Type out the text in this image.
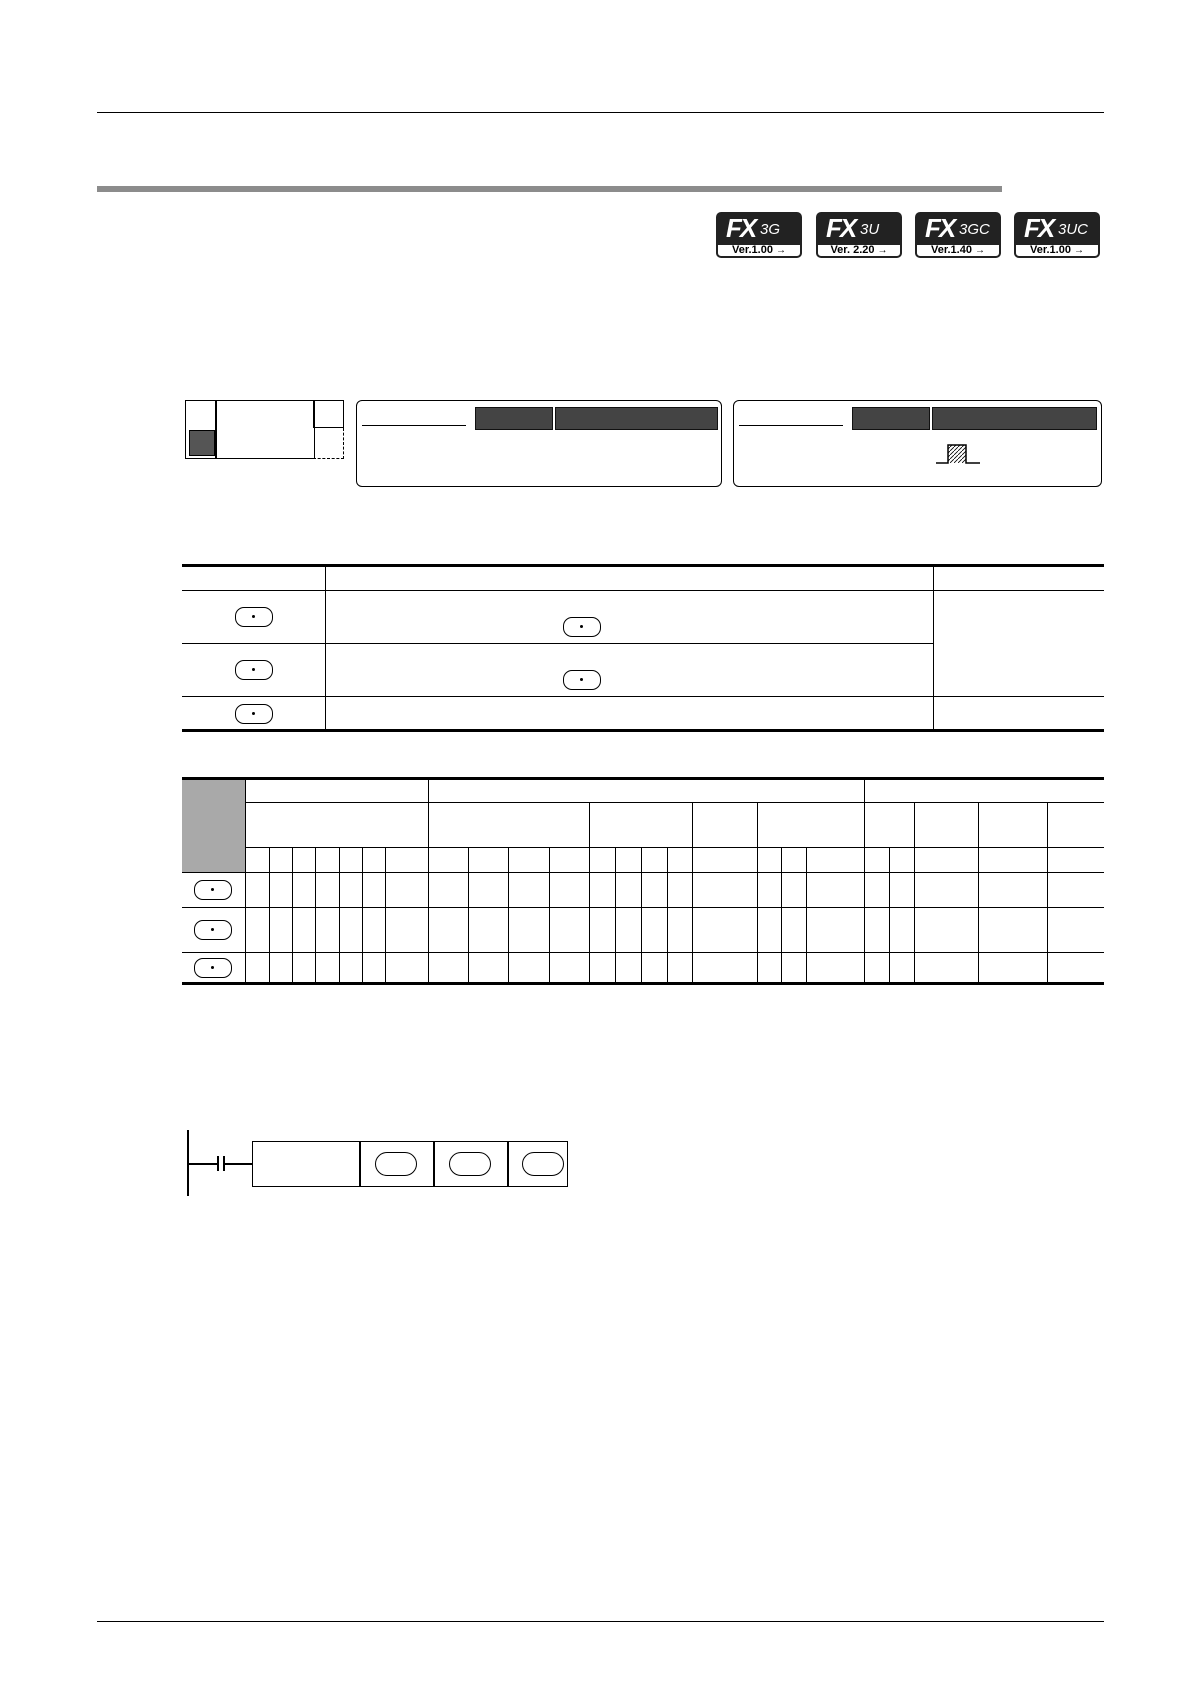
FX 3G
Ver.1.00 →
FX 3U
Ver. 2.20 →
FX 3GC
Ver.1.40 →
FX 3UC
Ver.1.00 →
